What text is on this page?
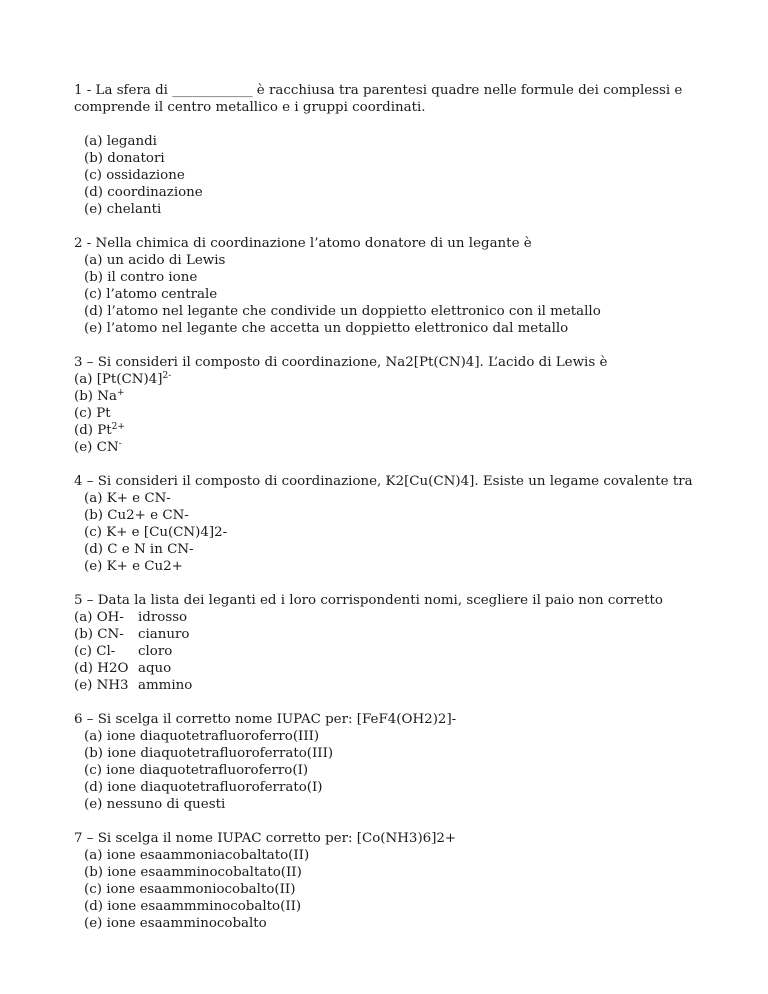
1 - La sfera di ____________ è racchiusa tra parentesi quadre nelle formule dei complessi e comprende il centro metallico e i gruppi coordinati.
(a) legandi
(b) donatori
(c) ossidazione
(d) coordinazione
(e) chelanti
2 - Nella chimica di coordinazione l’atomo donatore di un legante è
(a) un acido di Lewis
(b) il contro ione
(c) l’atomo centrale
(d) l’atomo nel legante che condivide un doppietto elettronico con il metallo
(e) l’atomo nel legante che accetta un doppietto elettronico dal metallo
3 – Si consideri il composto di coordinazione, Na2[Pt(CN)4]. L’acido di Lewis è
(a) $[Pt(CN)4]^{2-}$
(b) Na+
(c) Pt
(d) $Pt^{2+}$
(e) CN-
4 – Si consideri il composto di coordinazione, K2[Cu(CN)4]. Esiste un legame covalente tra
(a) K+ e CN-
(b) Cu2+ e CN-
(c) K+ e [Cu(CN)4]2-
(d) C e N in CN-
(e) K+ e Cu2+
5 – Data la lista dei leganti ed i loro corrispondenti nomi, scegliere il paio non corretto
(a) OH-	idrosso
(b) CN-	cianuro
(c) Cl-	cloro
(d) H2O aquo
(e) NH3 ammino
6 – Si scelga il corretto nome IUPAC per: [FeF4(OH2)2]-
(a) ione diaquotetrafluoroferro(III)
(b) ione diaquotetrafluoroferrato(III)
(c) ione diaquotetrafluoroferro(I)
(d) ione diaquotetrafluoroferrato(I)
(e) nessuno di questi
7 – Si scelga il nome IUPAC corretto per: [Co(NH3)6]2+
(a) ione esaammoniacobaltato(II)
(b) ione esaamminocobaltato(II)
(c) ione esaammoniocobalto(II)
(d) ione esaammminocobalto(II)
(e) ione esaamminocobalto
